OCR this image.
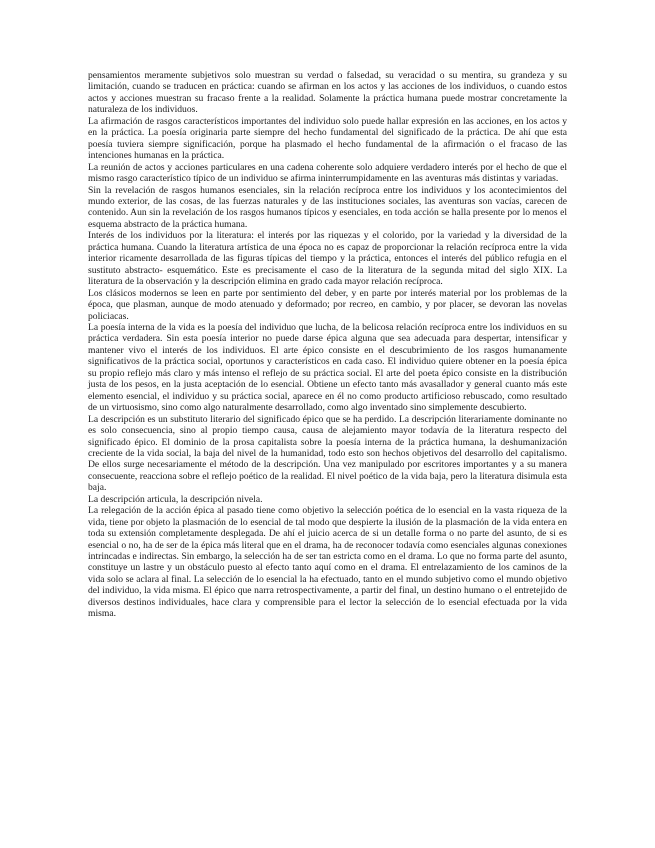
pensamientos meramente subjetivos solo muestran su verdad o falsedad, su veracidad o su mentira, su grandeza y su limitación, cuando se traducen en práctica: cuando se afirman en los actos y las acciones de los individuos, o cuando estos actos y acciones muestran su fracaso frente a la realidad. Solamente la práctica humana puede mostrar concretamente la naturaleza de los individuos.

La afirmación de rasgos característicos importantes del individuo solo puede hallar expresión en las acciones, en los actos y en la práctica. La poesía originaria parte siempre del hecho fundamental del significado de la práctica. De ahí que esta poesía tuviera siempre significación, porque ha plasmado el hecho fundamental de la afirmación o el fracaso de las intenciones humanas en la práctica.

La reunión de actos y acciones particulares en una cadena coherente solo adquiere verdadero interés por el hecho de que el mismo rasgo característico típico de un individuo se afirma ininterrumpidamente en las aventuras más distintas y variadas.

Sin la revelación de rasgos humanos esenciales, sin la relación recíproca entre los individuos y los acontecimientos del mundo exterior, de las cosas, de las fuerzas naturales y de las instituciones sociales, las aventuras son vacías, carecen de contenido. Aun sin la revelación de los rasgos humanos típicos y esenciales, en toda acción se halla presente por lo menos el esquema abstracto de la práctica humana.

Interés de los individuos por la literatura: el interés por las riquezas y el colorido, por la variedad y la diversidad de la práctica humana. Cuando la literatura artística de una época no es capaz de proporcionar la relación recíproca entre la vida interior ricamente desarrollada de las figuras típicas del tiempo y la práctica, entonces el interés del público refugia en el sustituto abstracto- esquemático. Este es precisamente el caso de la literatura de la segunda mitad del siglo XIX. La literatura de la observación y la descripción elimina en grado cada mayor relación recíproca.

Los clásicos modernos se leen en parte por sentimiento del deber, y en parte por interés material por los problemas de la época, que plasman, aunque de modo atenuado y deformado; por recreo, en cambio, y por placer, se devoran las novelas policiacas.

La poesía interna de la vida es la poesía del individuo que lucha, de la belicosa relación recíproca entre los individuos en su práctica verdadera. Sin esta poesía interior no puede darse épica alguna que sea adecuada para despertar, intensificar y mantener vivo el interés de los individuos. El arte épico consiste en el descubrimiento de los rasgos humanamente significativos de la práctica social, oportunos y característicos en cada caso. El individuo quiere obtener en la poesía épica su propio reflejo más claro y más intenso el reflejo de su práctica social. El arte del poeta épico consiste en la distribución justa de los pesos, en la justa aceptación de lo esencial. Obtiene un efecto tanto más avasallador y general cuanto más este elemento esencial, el individuo y su práctica social, aparece en él no como producto artificioso rebuscado, como resultado de un virtuosismo, sino como algo naturalmente desarrollado, como algo inventado sino simplemente descubierto.

La descripción es un substituto literario del significado épico que se ha perdido. La descripción literariamente dominante no es solo consecuencia, sino al propio tiempo causa, causa de alejamiento mayor todavía de la literatura respecto del significado épico. El dominio de la prosa capitalista sobre la poesía interna de la práctica humana, la deshumanización creciente de la vida social, la baja del nivel de la humanidad, todo esto son hechos objetivos del desarrollo del capitalismo. De ellos surge necesariamente el método de la descripción. Una vez manipulado por escritores importantes y a su manera consecuente, reacciona sobre el reflejo poético de la realidad. El nivel poético de la vida baja, pero la literatura disimula esta baja.

La descripción articula, la descripción nivela.

La relegación de la acción épica al pasado tiene como objetivo la selección poética de lo esencial en la vasta riqueza de la vida, tiene por objeto la plasmación de lo esencial de tal modo que despierte la ilusión de la plasmación de la vida entera en toda su extensión completamente desplegada. De ahí el juicio acerca de si un detalle forma o no parte del asunto, de si es esencial o no, ha de ser de la épica más literal que en el drama, ha de reconocer todavía como esenciales algunas conexiones intrincadas e indirectas. Sin embargo, la selección ha de ser tan estricta como en el drama. Lo que no forma parte del asunto, constituye un lastre y un obstáculo puesto al efecto tanto aquí como en el drama. El entrelazamiento de los caminos de la vida solo se aclara al final. La selección de lo esencial la ha efectuado, tanto en el mundo subjetivo como el mundo objetivo del individuo, la vida misma. El épico que narra retrospectivamente, a partir del final, un destino humano o el entretejido de diversos destinos individuales, hace clara y comprensible para el lector la selección de lo esencial efectuada por la vida misma.
